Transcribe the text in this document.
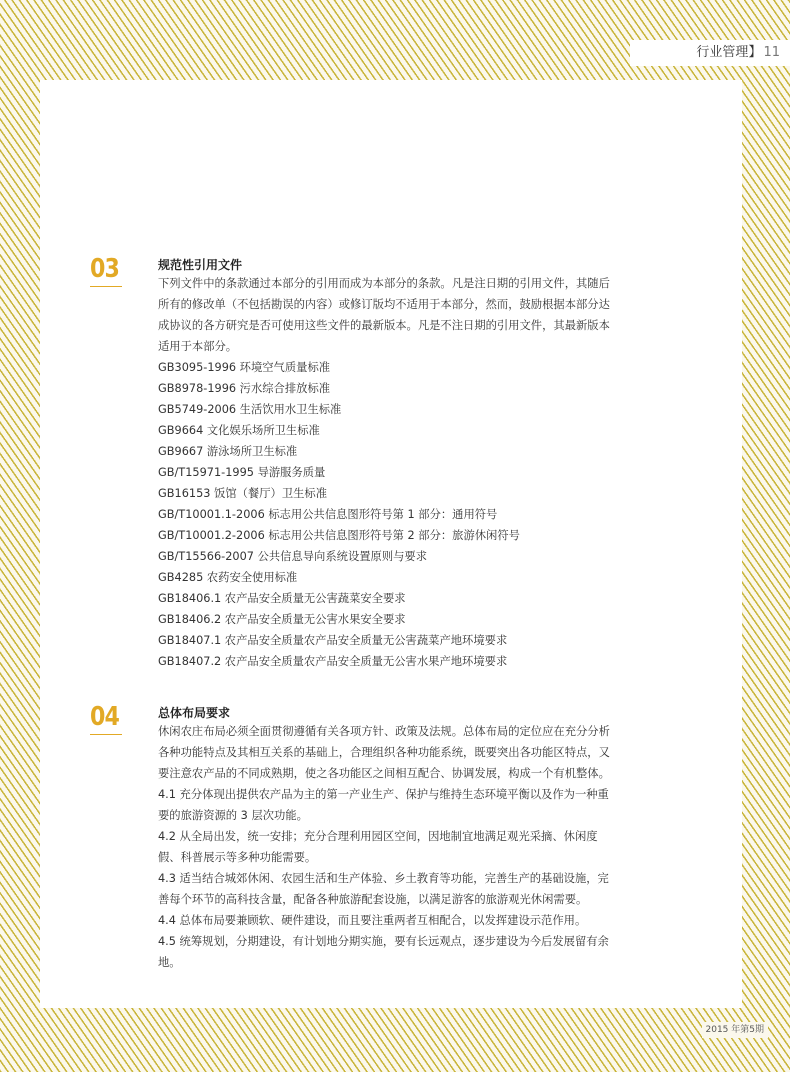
行业管理】 11
03	规范性引用文件

下列文件中的条款通过本部分的引用而成为本部分的条款。凡是注日期的引用文件，其随后所有的修改单（不包括勘误的内容）或修订版均不适用于本部分，然而，鼓励根据本部分达成协议的各方研究是否可使用这些文件的最新版本。凡是不注日期的引用文件，其最新版本适用于本部分。

GB3095-1996 环境空气质量标准
GB8978-1996 污水综合排放标准
GB5749-2006 生活饮用水卫生标准
GB9664 文化娱乐场所卫生标准
GB9667 游泳场所卫生标准
GB/T15971-1995 导游服务质量
GB16153 饭馆（餐厅）卫生标准
GB/T10001.1-2006 标志用公共信息图形符号第 1 部分：通用符号
GB/T10001.2-2006 标志用公共信息图形符号第 2 部分：旅游休闲符号
GB/T15566-2007 公共信息导向系统设置原则与要求
GB4285 农药安全使用标准
GB18406.1 农产品安全质量无公害蔬菜安全要求
GB18406.2 农产品安全质量无公害水果安全要求
GB18407.1 农产品安全质量农产品安全质量无公害蔬菜产地环境要求
GB18407.2 农产品安全质量农产品安全质量无公害水果产地环境要求
04	总体布局要求

休闲农庄布局必须全面贯彻遵循有关各项方针、政策及法规。总体布局的定位应在充分分析各种功能特点及其相互关系的基础上，合理组织各种功能系统，既要突出各功能区特点，又要注意农产品的不同成熟期，使之各功能区之间相互配合、协调发展，构成一个有机整体。

4.1 充分体现出提供农产品为主的第一产业生产、保护与维持生态环境平衡以及作为一种重要的旅游资源的 3 层次功能。

4.2 从全局出发，统一安排；充分合理利用园区空间，因地制宜地满足观光采摘、休闲度假、科普展示等多种功能需要。

4.3 适当结合城郊休闲、农园生活和生产体验、乡土教育等功能，完善生产的基础设施，完善每个环节的高科技含量，配备各种旅游配套设施，以满足游客的旅游观光休闲需要。

4.4 总体布局要兼顾软、硬件建设，而且要注重两者互相配合，以发挥建设示范作用。

4.5 统筹规划，分期建设，有计划地分期实施，要有长远观点，逐步建设为今后发展留有余地。

2015 年第5期
